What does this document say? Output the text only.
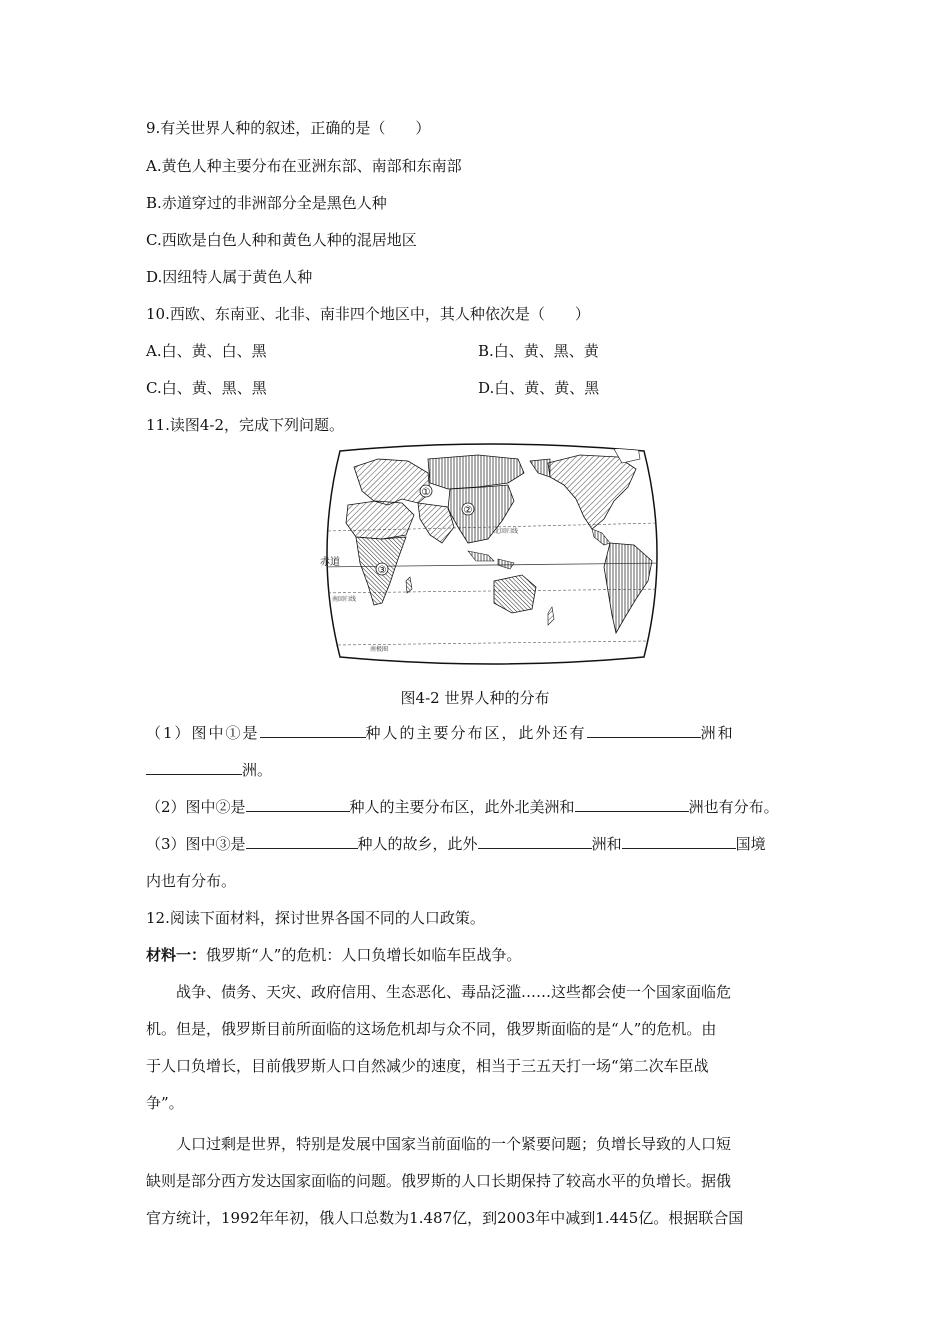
9.有关世界人种的叙述，正确的是（　　）
A.黄色人种主要分布在亚洲东部、南部和东南部
B.赤道穿过的非洲部分全是黑色人种
C.西欧是白色人种和黄色人种的混居地区
D.因纽特人属于黄色人种
10.西欧、东南亚、北非、南非四个地区中，其人种依次是（　　）
A.白、黄、白、黑	B.白、黄、黑、黄
C.白、黄、黑、黑	D.白、黄、黄、黑
11.读图4-2，完成下列问题。
①
②
③
北回归线
赤道
南回归线
南极圈
图4-2 世界人种的分布
（1）图中①是	种人的主要分布区，此外还有	洲和
洲。
（2）图中②是	种人的主要分布区，此外北美洲和	洲也有分布。
（3）图中③是	种人的故乡，此外	洲和	国境
内也有分布。
12.阅读下面材料，探讨世界各国不同的人口政策。
材料一：俄罗斯“人”的危机：人口负增长如临车臣战争。
战争、债务、天灾、政府信用、生态恶化、毒品泛滥……这些都会使一个国家面临危
机。但是，俄罗斯目前所面临的这场危机却与众不同，俄罗斯面临的是“人”的危机。由
于人口负增长，目前俄罗斯人口自然减少的速度，相当于三五天打一场“第二次车臣战
争”。
人口过剩是世界，特别是发展中国家当前面临的一个紧要问题；负增长导致的人口短
缺则是部分西方发达国家面临的问题。俄罗斯的人口长期保持了较高水平的负增长。据俄
官方统计，1992年年初，俄人口总数为1.487亿，到2003年中减到1.445亿。根据联合国
